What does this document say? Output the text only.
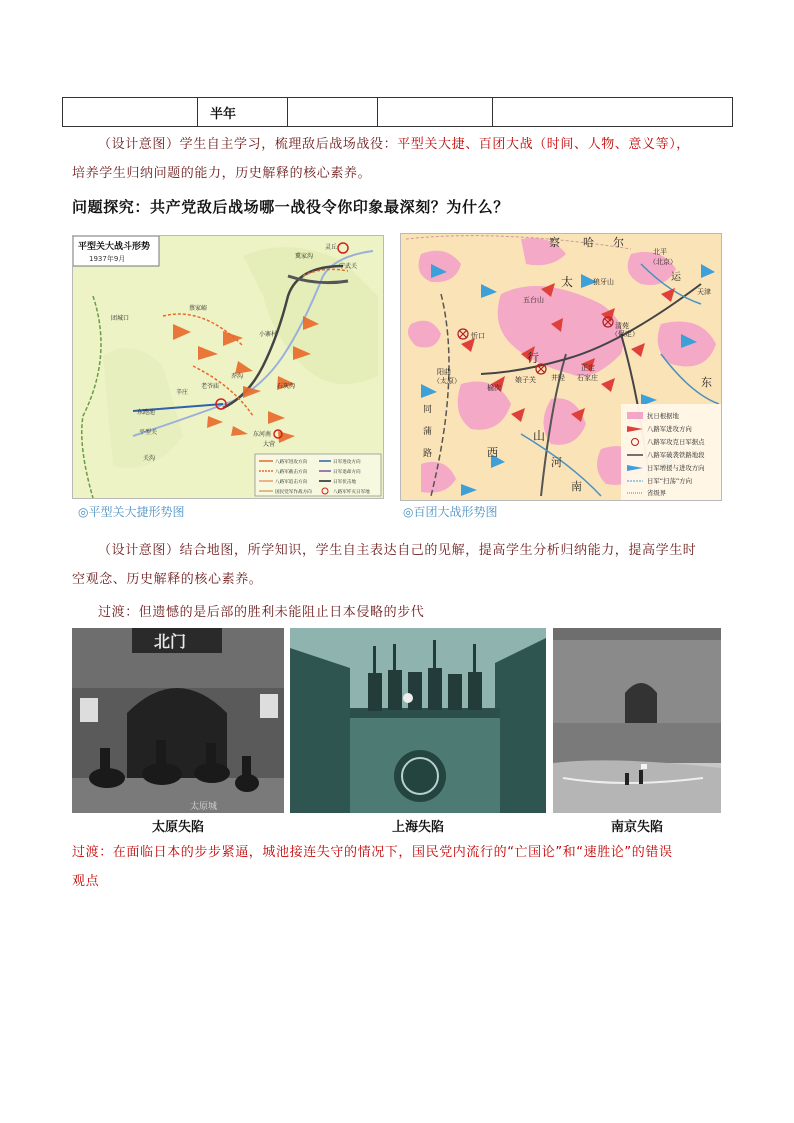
	半年			
（设计意图）学生自主学习，梳理敌后战场战役：平型关大捷、百团大战（时间、人物、意义等），
培养学生归纳问题的能力，历史解释的核心素养。
问题探究：共产党敌后战场哪一战役令你印象最深刻？为什么？
平型关大战斗形势
1937年9月
灵丘
冀家沟
宁武关
团城口
蔡家峪
小寨村
辛庄
老爷庙
乔沟
石灰沟
东跑池
平型关	东河南
大营
关沟
八路军进攻方向
八路军截击方向
八路军追击方向
国民党军作战方向
日军进攻方向
日军退却方向
日军伏击地
八路军歼灭日军地
◎平型关大捷形势图
察 哈 尔
北平
（北京）
天津
太	狼牙山
五台山
忻口
清苑
（保定）
行
正定
石家庄
阳曲
（太原）
榆次
娘子关 井陉
山
西
河
南
东
同
蒲
路
运
抗日根据地
八路军进攻方向
八路军攻克日军据点
八路军破袭铁路地段
日军增援与进攻方向
日军“扫荡”方向
省级界
◎百团大战形势图
（设计意图）结合地图，所学知识，学生自主表达自己的见解，提高学生分析归纳能力，提高学生时
空观念、历史解释的核心素养。
过渡：但遗憾的是后部的胜利未能阻止日本侵略的步代
北门
太原城
太原失陷	上海失陷	南京失陷
过渡：在面临日本的步步紧逼，城池接连失守的情况下，国民党内流行的“亡国论”和“速胜论”的错误
观点
